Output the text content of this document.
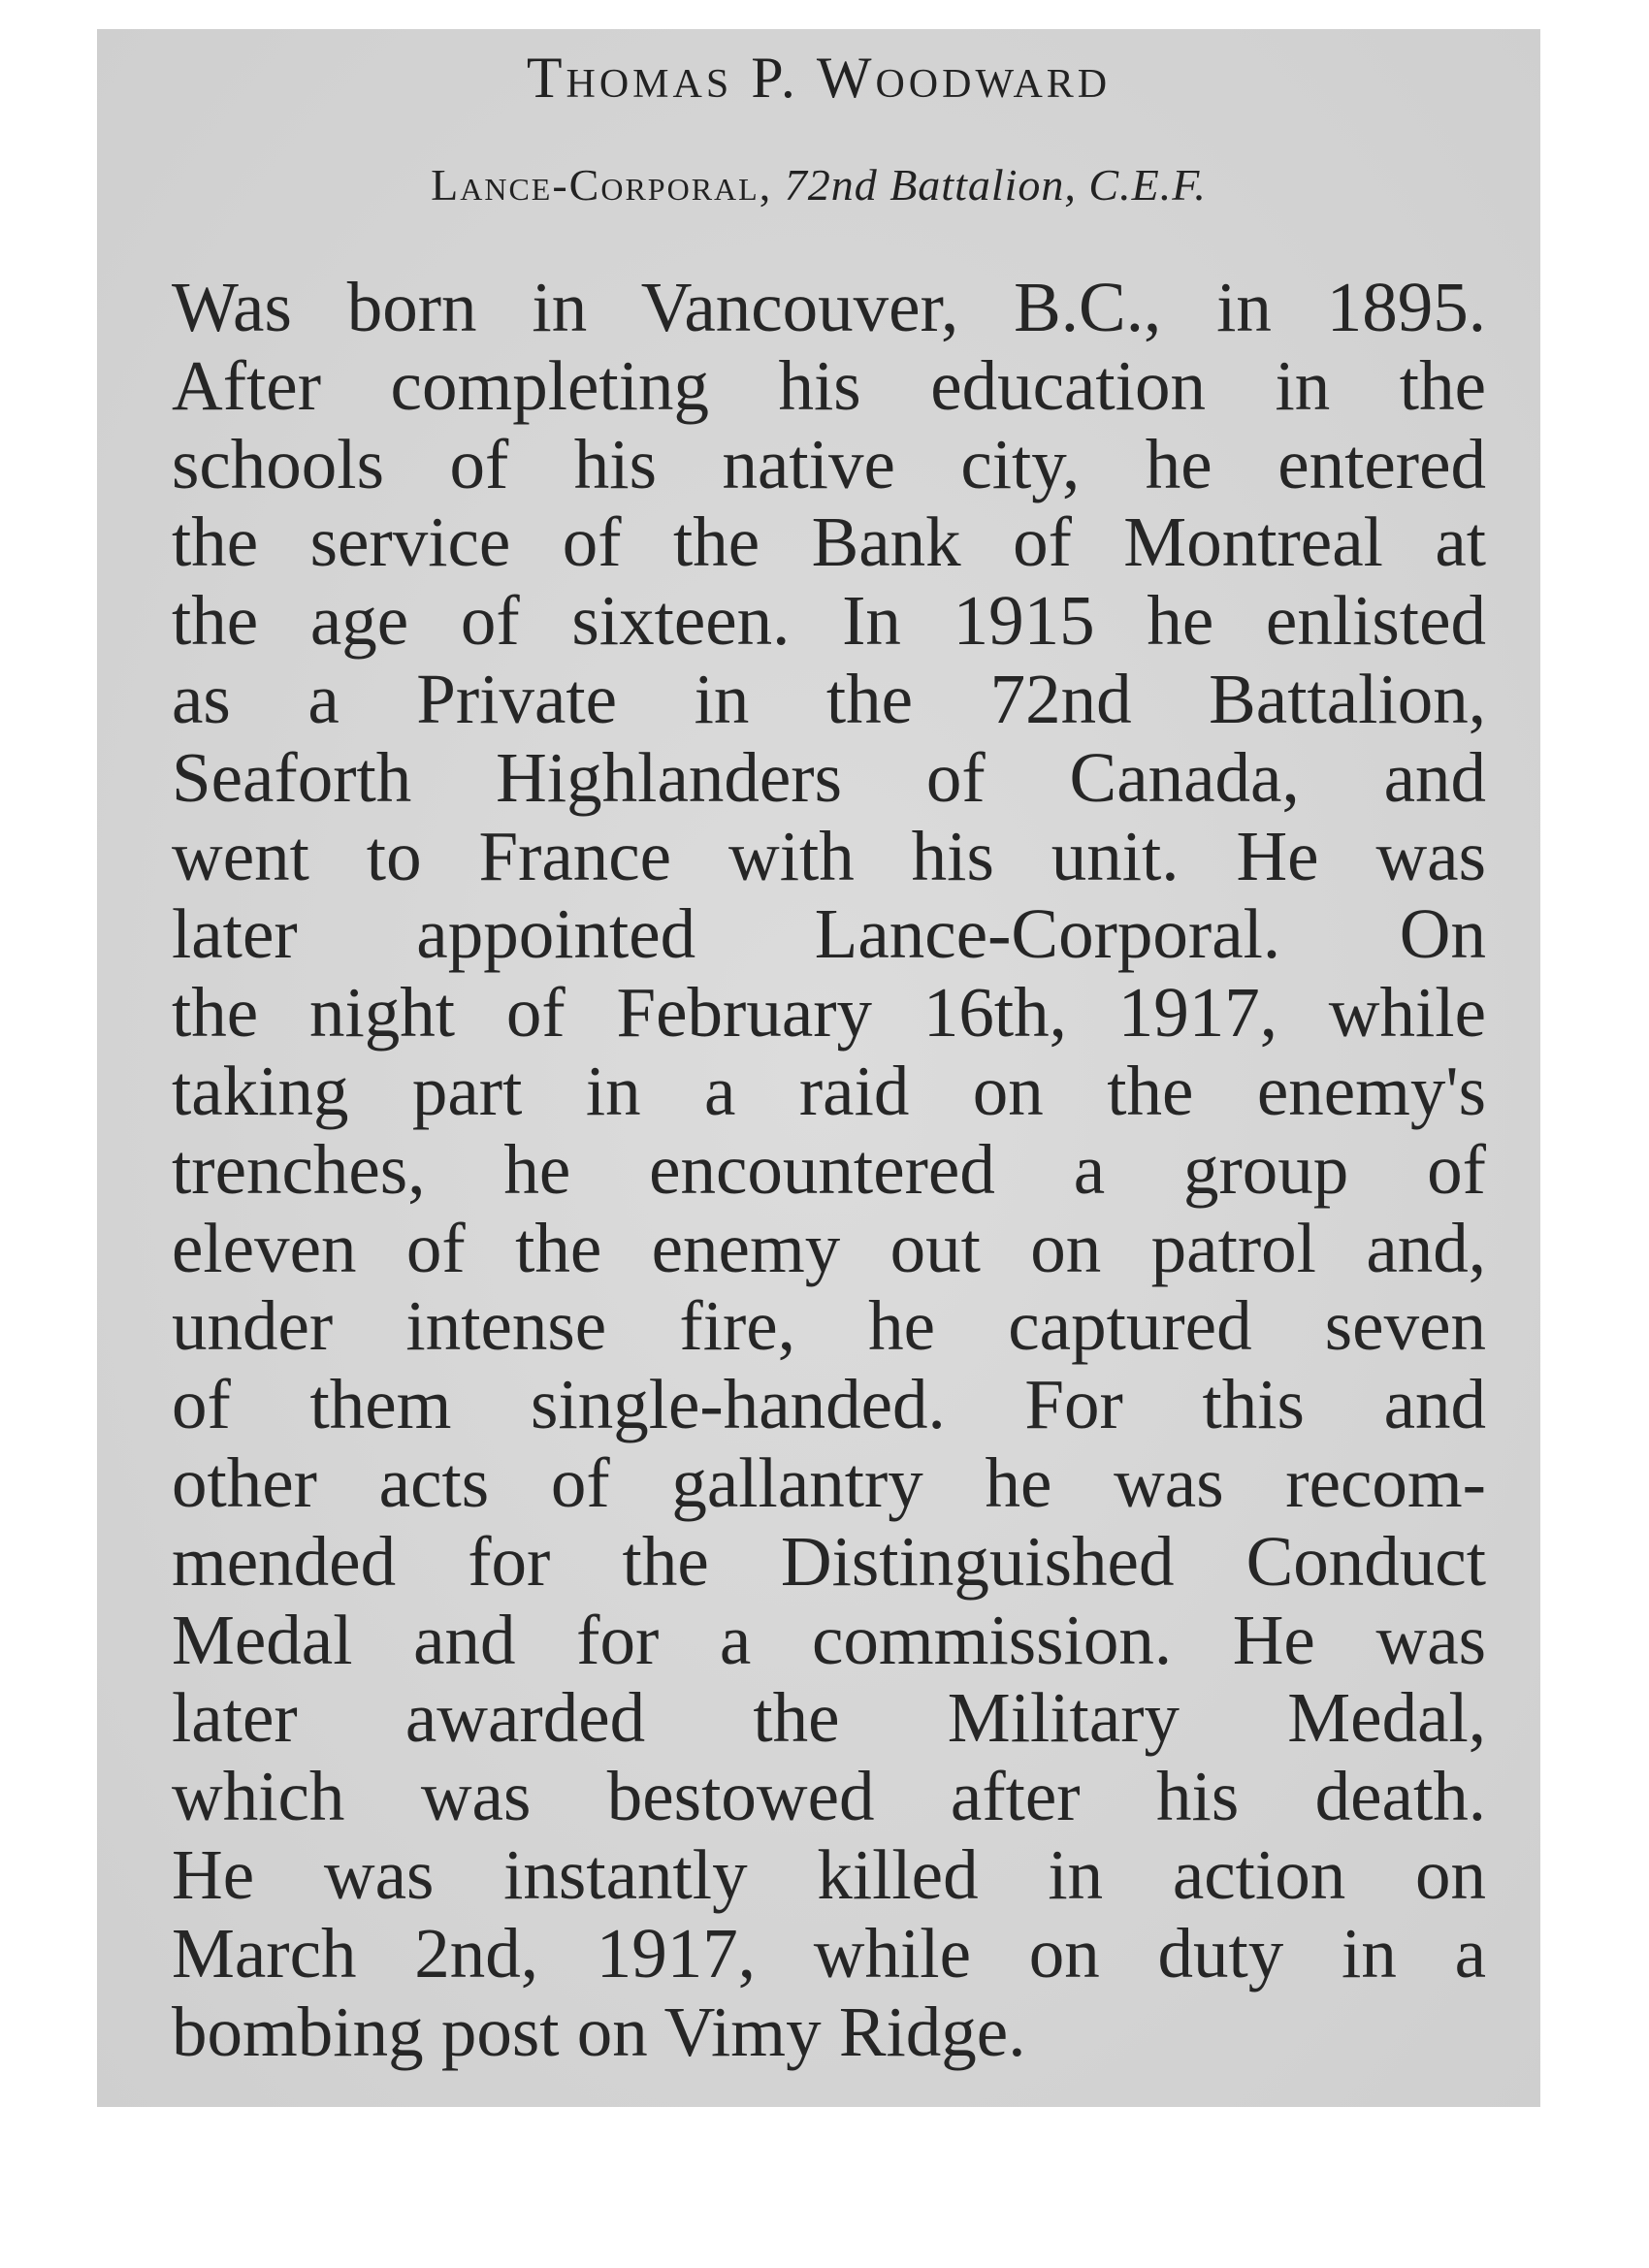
Thomas P. Woodward
Lance-Corporal, 72nd Battalion, C.E.F.
Was born in Vancouver, B.C., in 1895.
After completing his education in the
schools of his native city, he entered
the service of the Bank of Montreal at
the age of sixteen. In 1915 he enlisted
as a Private in the 72nd Battalion,
Seaforth Highlanders of Canada, and
went to France with his unit. He was
later appointed Lance-Corporal. On
the night of February 16th, 1917, while
taking part in a raid on the enemy's
trenches, he encountered a group of
eleven of the enemy out on patrol and,
under intense fire, he captured seven
of them single-handed. For this and
other acts of gallantry he was recom-
mended for the Distinguished Conduct
Medal and for a commission. He was
later awarded the Military Medal,
which was bestowed after his death.
He was instantly killed in action on
March 2nd, 1917, while on duty in a
bombing post on Vimy Ridge.
